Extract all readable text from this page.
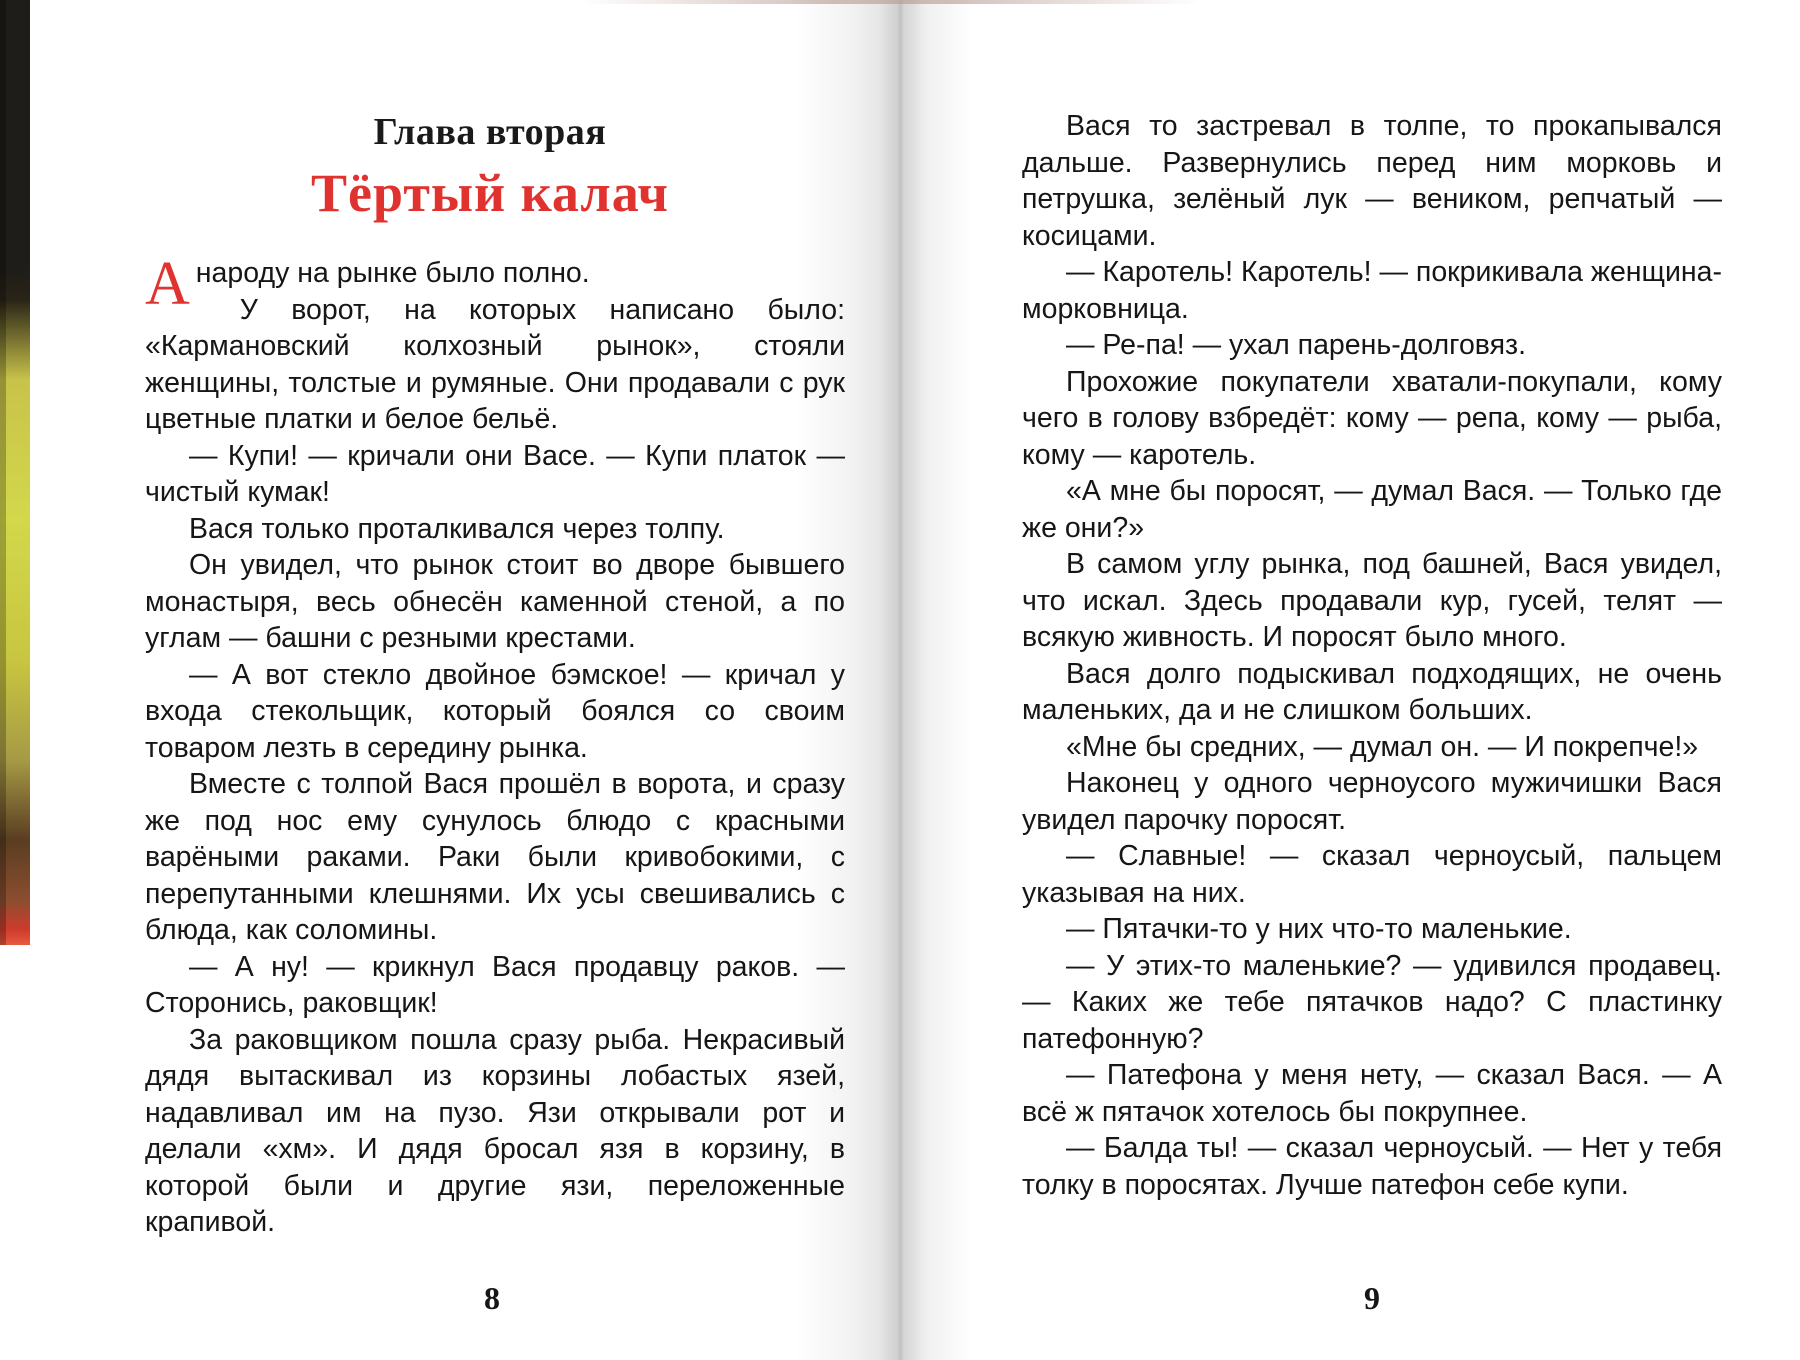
Глава вторая
Тёртый калач

А народу на рынке было полно.

У ворот, на которых написано было: «Кармановский колхозный рынок», стояли женщины, толстые и румяные. Они продавали с рук цветные платки и белое бельё.

— Купи! — кричали они Васе. — Купи платок — чистый кумак!

Вася только проталкивался через толпу.

Он увидел, что рынок стоит во дворе бывшего монастыря, весь обнесён каменной стеной, а по углам — башни с резными крестами.

— А вот стекло двойное бэмское! — кричал у входа стекольщик, который боялся со своим товаром лезть в середину рынка.

Вместе с толпой Вася прошёл в ворота, и сразу же под нос ему сунулось блюдо с красными варёными раками. Раки были кривобокими, с перепутанными клешнями. Их усы свешивались с блюда, как соломины.

— А ну! — крикнул Вася продавцу раков. — Сторонись, раковщик!

За раковщиком пошла сразу рыба. Некрасивый дядя вытаскивал из корзины лобастых язей, надавливал им на пузо. Язи открывали рот и делали «хм». И дядя бросал язя в корзину, в которой были и другие язи, переложенные крапивой.

Вася то застревал в толпе, то прокапывался дальше. Развернулись перед ним морковь и петрушка, зелёный лук — веником, репчатый — косицами.

— Каротель! Каротель! — покрикивала женщина-морковница.

— Ре-па! — ухал парень-долговяз.

Прохожие покупатели хватали-покупали, кому чего в голову взбредёт: кому — репа, кому — рыба, кому — каротель.

«А мне бы поросят, — думал Вася. — Только где же они?»

В самом углу рынка, под башней, Вася увидел, что искал. Здесь продавали кур, гусей, телят — всякую живность. И поросят было много.

Вася долго подыскивал подходящих, не очень маленьких, да и не слишком больших.

«Мне бы средних, — думал он. — И покрепче!»

Наконец у одного черноусого мужичишки Вася увидел парочку поросят.

— Славные! — сказал черноусый, пальцем указывая на них.

— Пятачки-то у них что-то маленькие.

— У этих-то маленькие? — удивился продавец. — Каких же тебе пятачков надо? С пластинку патефонную?

— Патефона у меня нету, — сказал Вася. — А всё ж пятачок хотелось бы покрупнее.

— Балда ты! — сказал черноусый. — Нет у тебя толку в поросятах. Лучше патефон себе купи.

8	9
